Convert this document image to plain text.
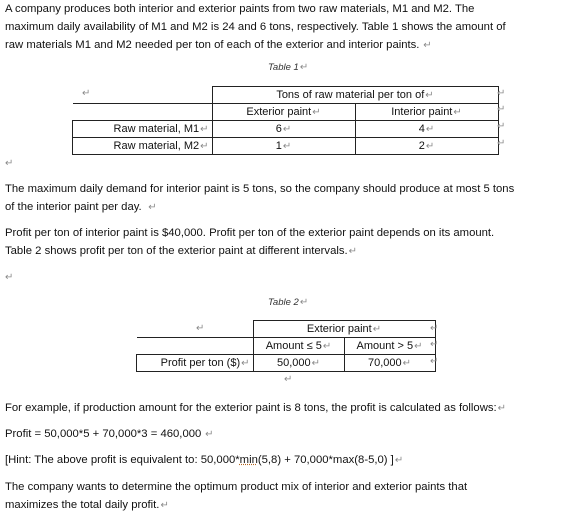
A company produces both interior and exterior paints from two raw materials, M1 and M2. The
maximum daily availability of M1 and M2 is 24 and 6 tons, respectively. Table 1 shows the amount of
raw materials M1 and M2 needed per ton of each of the exterior and interior paints. ↵
Table 1↵
↵
		Tons of raw material per ton of↵	
	Exterior paint↵	Interior paint↵
Raw material, M1↵	6↵	4↵
Raw material, M2↵	1↵	2↵
↵
↵
↵
↵
↵
The maximum daily demand for interior paint is 5 tons, so the company should produce at most 5 tons
of the interior paint per day.  ↵
Profit per ton of interior paint is $40,000. Profit per ton of the exterior paint depends on its amount.
Table 2 shows profit per ton of the exterior paint at different intervals.↵
↵
Table 2↵
↵
		Exterior paint↵	
	Amount ≤ 5↵	Amount > 5↵
Profit per ton ($)↵	50,000↵	70,000↵
↵
↵
↵
↵
For example, if production amount for the exterior paint is 8 tons, the profit is calculated as follows:↵
Profit = 50,000*5 + 70,000*3 = 460,000 ↵
[Hint: The above profit is equivalent to: 50,000*min(5,8) + 70,000*max(8-5,0) ]↵
The company wants to determine the optimum product mix of interior and exterior paints that
maximizes the total daily profit.↵
